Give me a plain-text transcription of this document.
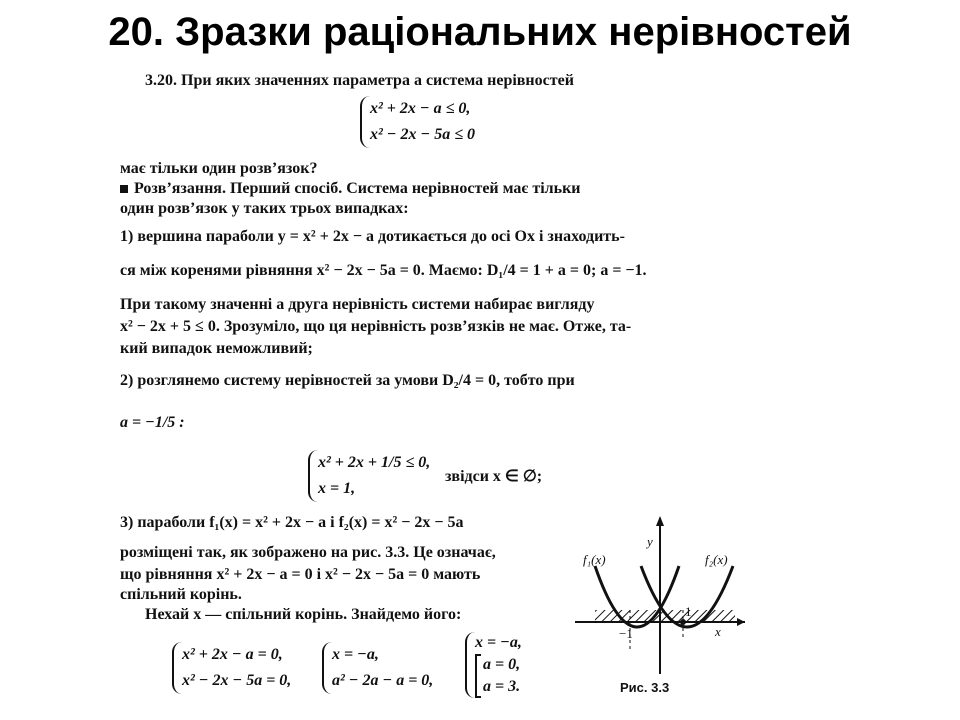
20. Зразки раціональних нерівностей
3.20. При яких значеннях параметра a система нерівностей
x² + 2x − a ≤ 0,
x² − 2x − 5a ≤ 0
має тільки один розв’язок?
Розв’язання. Перший спосіб. Система нерівностей має тільки
один розв’язок у таких трьох випадках:
1) вершина параболи y = x² + 2x − a дотикається до осі Ox і знаходить-
ся між коренями рівняння x² − 2x − 5a = 0. Маємо: D₁/4 = 1 + a = 0; a = −1.
При такому значенні a друга нерівність системи набирає вигляду
x² − 2x + 5 ≤ 0. Зрозуміло, що ця нерівність розв’язків не має. Отже, та-
кий випадок неможливий;
2) розглянемо систему нерівностей за умови D₂/4 = 0, тобто при
a = −1/5 :
x² + 2x + 1/5 ≤ 0,
x = 1,
звідси x ∈ ∅;
3) параболи f₁(x) = x² + 2x − a і f₂(x) = x² − 2x − 5a
розміщені так, як зображено на рис. 3.3. Це означає,
що рівняння x² + 2x − a = 0 і x² − 2x − 5a = 0 мають
спільний корінь.
Нехай x — спільний корінь. Знайдемо його:
x² + 2x − a = 0,
x² − 2x − 5a = 0,
x = −a,
a² − 2a − a = 0,
x = −a,
a = 0,
a = 3.
f₁(x)	f₂(x)
y
x
−1
1
Рис. 3.3
